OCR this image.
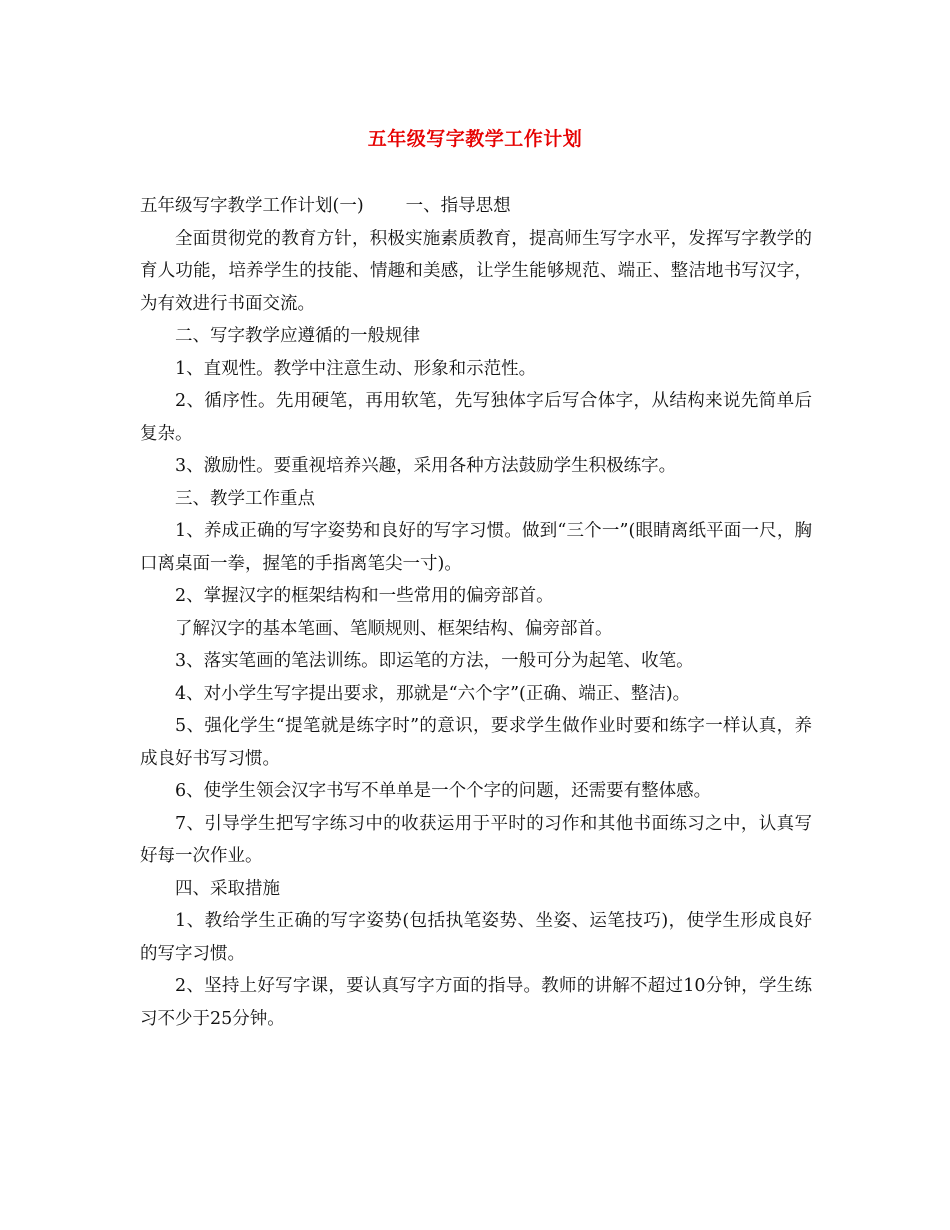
五年级写字教学工作计划

五年级写字教学工作计划(一) 一、指导思想

全面贯彻党的教育方针，积极实施素质教育，提高师生写字水平，发挥写字教学的育人功能，培养学生的技能、情趣和美感，让学生能够规范、端正、整洁地书写汉字，为有效进行书面交流。

二、写字教学应遵循的一般规律

1、直观性。教学中注意生动、形象和示范性。

2、循序性。先用硬笔，再用软笔，先写独体字后写合体字，从结构来说先简单后复杂。

3、激励性。要重视培养兴趣，采用各种方法鼓励学生积极练字。

三、教学工作重点

1、养成正确的写字姿势和良好的写字习惯。做到“三个一”(眼睛离纸平面一尺，胸口离桌面一拳，握笔的手指离笔尖一寸)。

2、掌握汉字的框架结构和一些常用的偏旁部首。

了解汉字的基本笔画、笔顺规则、框架结构、偏旁部首。

3、落实笔画的笔法训练。即运笔的方法，一般可分为起笔、收笔。

4、对小学生写字提出要求，那就是“六个字”(正确、端正、整洁)。

5、强化学生“提笔就是练字时”的意识，要求学生做作业时要和练字一样认真，养成良好书写习惯。

6、使学生领会汉字书写不单单是一个个字的问题，还需要有整体感。

7、引导学生把写字练习中的收获运用于平时的习作和其他书面练习之中，认真写好每一次作业。

四、采取措施

1、教给学生正确的写字姿势(包括执笔姿势、坐姿、运笔技巧)，使学生形成良好的写字习惯。

2、坚持上好写字课，要认真写字方面的指导。教师的讲解不超过10分钟，学生练习不少于25分钟。
